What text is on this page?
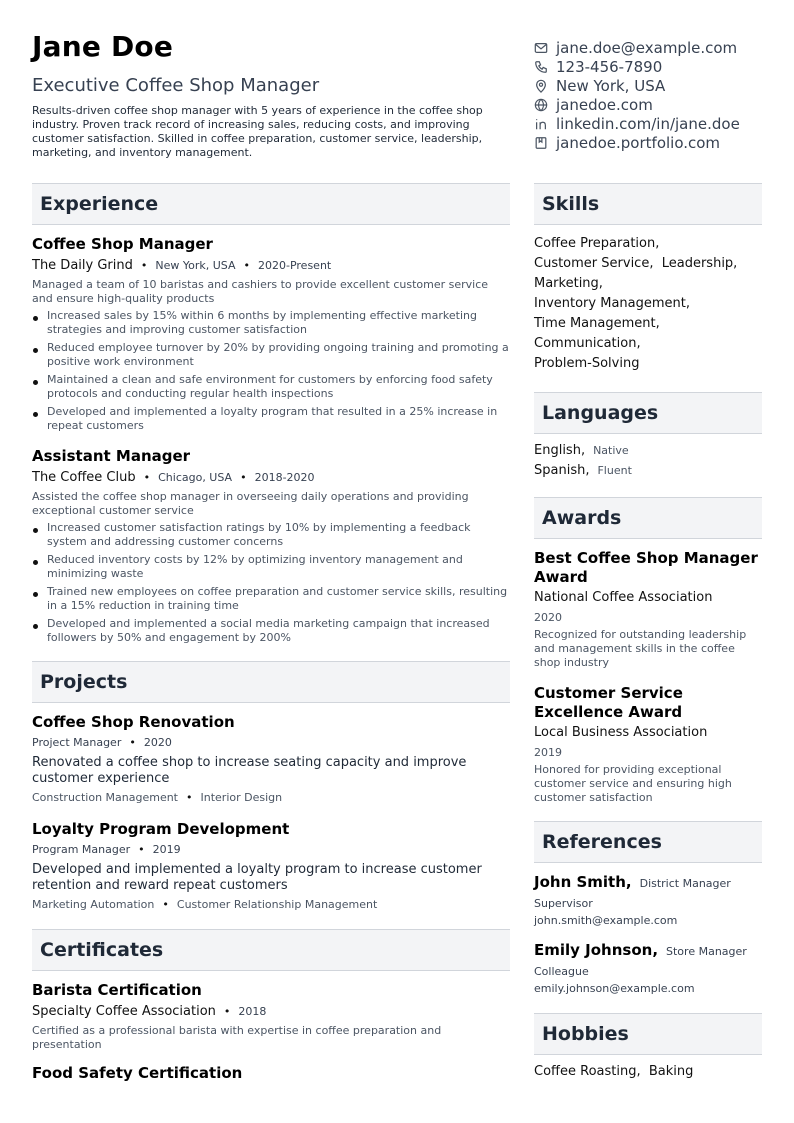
Jane Doe
Executive Coffee Shop Manager
Results-driven coffee shop manager with 5 years of experience in the coffee shop industry. Proven track record of increasing sales, reducing costs, and improving customer satisfaction. Skilled in coffee preparation, customer service, leadership, marketing, and inventory management.
jane.doe@example.com
123-456-7890
New York, USA
janedoe.com
linkedin.com/in/jane.doe
janedoe.portfolio.com
Experience
Coffee Shop Manager
The Daily Grind • New York, USA • 2020-Present
Managed a team of 10 baristas and cashiers to provide excellent customer service and ensure high-quality products
Increased sales by 15% within 6 months by implementing effective marketing strategies and improving customer satisfaction
Reduced employee turnover by 20% by providing ongoing training and promoting a positive work environment
Maintained a clean and safe environment for customers by enforcing food safety protocols and conducting regular health inspections
Developed and implemented a loyalty program that resulted in a 25% increase in repeat customers
Assistant Manager
The Coffee Club • Chicago, USA • 2018-2020
Assisted the coffee shop manager in overseeing daily operations and providing exceptional customer service
Increased customer satisfaction ratings by 10% by implementing a feedback system and addressing customer concerns
Reduced inventory costs by 12% by optimizing inventory management and minimizing waste
Trained new employees on coffee preparation and customer service skills, resulting in a 15% reduction in training time
Developed and implemented a social media marketing campaign that increased followers by 50% and engagement by 200%
Projects
Coffee Shop Renovation
Project Manager • 2020
Renovated a coffee shop to increase seating capacity and improve customer experience
Construction Management • Interior Design
Loyalty Program Development
Program Manager • 2019
Developed and implemented a loyalty program to increase customer retention and reward repeat customers
Marketing Automation • Customer Relationship Management
Certificates
Barista Certification
Specialty Coffee Association • 2018
Certified as a professional barista with expertise in coffee preparation and presentation
Food Safety Certification
Skills
Coffee Preparation,
Customer Service, Leadership,
Marketing,
Inventory Management,
Time Management,
Communication,
Problem-Solving
Languages
English, Native
Spanish, Fluent
Awards
Best Coffee Shop Manager Award
National Coffee Association
2020
Recognized for outstanding leadership and management skills in the coffee shop industry
Customer Service Excellence Award
Local Business Association
2019
Honored for providing exceptional customer service and ensuring high customer satisfaction
References
John Smith, District Manager
Supervisor
john.smith@example.com
Emily Johnson, Store Manager
Colleague
emily.johnson@example.com
Hobbies
Coffee Roasting, Baking
